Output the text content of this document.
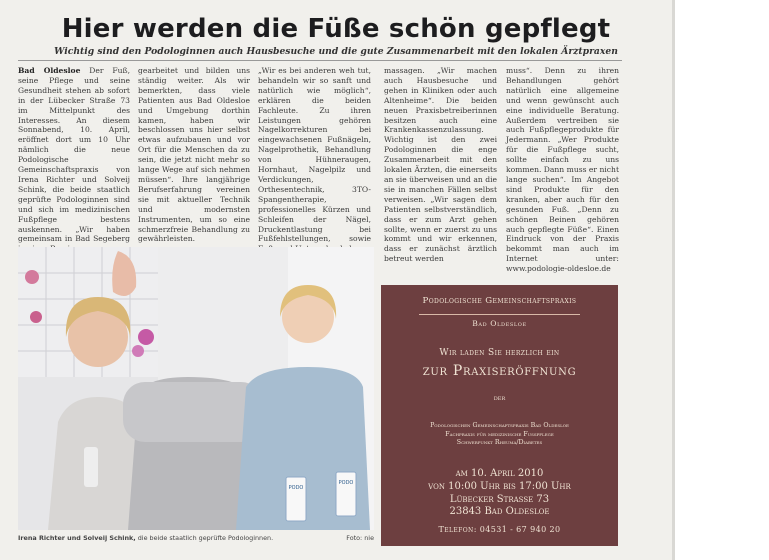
Hier werden die Füße schön gepflegt
Wichtig sind den Podologinnen auch Hausbesuche und die gute Zusammenarbeit mit den lokalen Ärztpraxen

Bad Oldesloe Der Fuß, seine Pflege und seine Gesundheit stehen ab sofort in der Lübecker Straße 73 im Mittelpunkt des Interesses. An diesem Sonnabend, 10. April, eröffnet dort um 10 Uhr nämlich die neue Podologische Gemeinschaftspraxis von Irena Richter und Solveij Schink, die beide staatlich geprüfte Podologinnen sind und sich im medizinischen Fußpflege bestens auskennen. „Wir haben gemeinsam in Bad Segeberg

gearbeitet und bilden uns ständig weiter. Als wir bemerkten, dass viele Patienten aus Bad Oldesloe und Umgebung dorthin kamen, haben wir beschlossen uns hier selbst etwas aufzubauen und vor Ort für die Menschen da zu sein, die jetzt nicht mehr so lange Wege auf sich nehmen müssen“. Ihre langjährige Berufserfahrung vereinen sie mit aktueller Technik und modernsten Instrumenten, um so eine schmerzfreie Behandlung zu gewährleisten.

„Wir es bei anderen weh tut, behandeln wir so sanft und natürlich wie möglich“, erklären die beiden Fachleute. Zu ihren Leistungen gehören Nagelkorrekturen bei eingewachsenen Fußnägeln, Nagelprothetik, Behandlung von Hühneraugen, Hornhaut, Nagelpilz und Verdickungen, Orthesentechnik, 3TO-Spangentherapie, professionelles Kürzen und Schleifen der Nägel, Druckentlastung bei Fußfehlstellungen, sowie

massagen. „Wir machen auch Hausbesuche und gehen in Kliniken oder auch Altenheime“. Die beiden neuen Praxisbetreiberinnen besitzen auch eine Krankenkassenzulassung. Wichtig ist den zwei Podologinnen die enge Zusammenarbeit mit den lokalen Ärzten, die einerseits an sie überweisen und an die sie in manchen Fällen selbst verweisen. „Wir sagen dem Patienten selbstverständlich, dass er zum Arzt gehen sollte, wenn er zuerst zu uns kommt und wir erkennen, dass er zunächst ärztlich betreut werden

muss“. Denn zu ihren Behandlungen gehört natürlich eine allgemeine und wenn gewünscht auch eine individuelle Beratung. Außerdem vertreiben sie auch Fußpflegeprodukte für Jedermann. „Wer Produkte für die Fußpflege sucht, sollte einfach zu uns kommen. Dann muss er nicht lange suchen“. Im Angebot sind Produkte für den kranken, aber auch für den gesunden Fuß. „Denn zu schönen Beinen gehören auch gepflegte Füße“. Einen Eindruck von der Praxis bekommt man auch im Internet unter: www.podologie-oldesloe.de

PODO
PODO
Irena Richter und Solveij Schink, die beide staatlich geprüfte Podologinnen.	Foto: nie
Podologische Gemeinschaftspraxis
Bad Oldesloe
Wir laden Sie herzlich ein
zur Praxiseröffnung
der
Podologischen Gemeinschaftspraxis Bad Oldesloe
Fachpraxis für medizinische Fusspflege
Schwerpunkt Rheuma/Diabetes
am 10. April 2010
von 10:00 Uhr bis 17:00 Uhr
Lübecker Strasse 73
23843 Bad Oldesloe
Telefon: 04531 - 67 940 20
